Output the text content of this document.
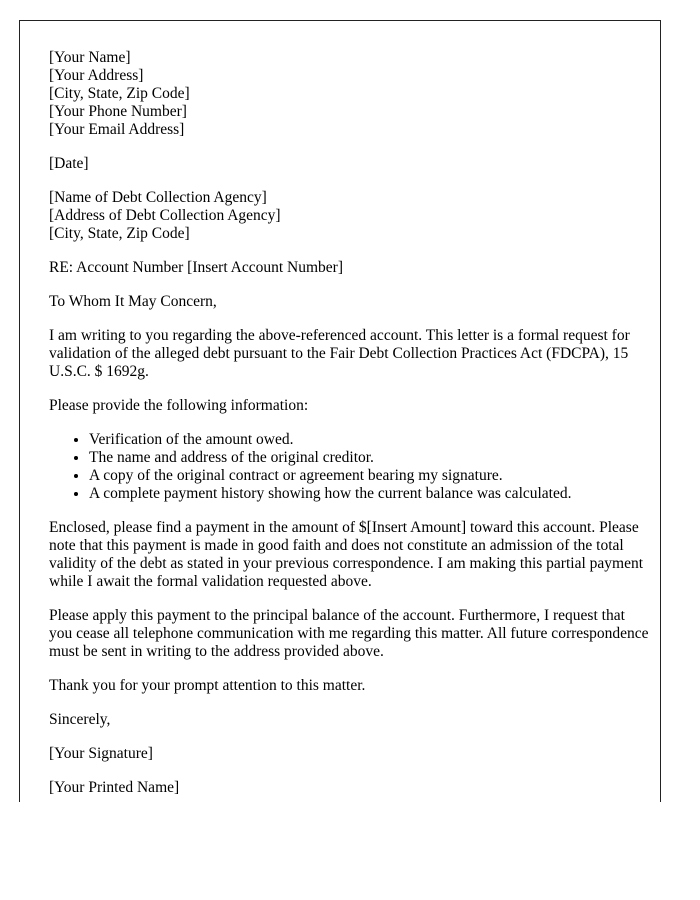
[Your Name]
[Your Address]
[City, State, Zip Code]
[Your Phone Number]
[Your Email Address]

[Date]

[Name of Debt Collection Agency]
[Address of Debt Collection Agency]
[City, State, Zip Code]

RE: Account Number [Insert Account Number]

To Whom It May Concern,

I am writing to you regarding the above-referenced account. This letter is a formal request for validation of the alleged debt pursuant to the Fair Debt Collection Practices Act (FDCPA), 15 U.S.C. $ 1692g.

Please provide the following information:

• Verification of the amount owed.
• The name and address of the original creditor.
• A copy of the original contract or agreement bearing my signature.
• A complete payment history showing how the current balance was calculated.

Enclosed, please find a payment in the amount of $[Insert Amount] toward this account. Please note that this payment is made in good faith and does not constitute an admission of the total validity of the debt as stated in your previous correspondence. I am making this partial payment while I await the formal validation requested above.

Please apply this payment to the principal balance of the account. Furthermore, I request that you cease all telephone communication with me regarding this matter. All future correspondence must be sent in writing to the address provided above.

Thank you for your prompt attention to this matter.

Sincerely,

[Your Signature]

[Your Printed Name]
